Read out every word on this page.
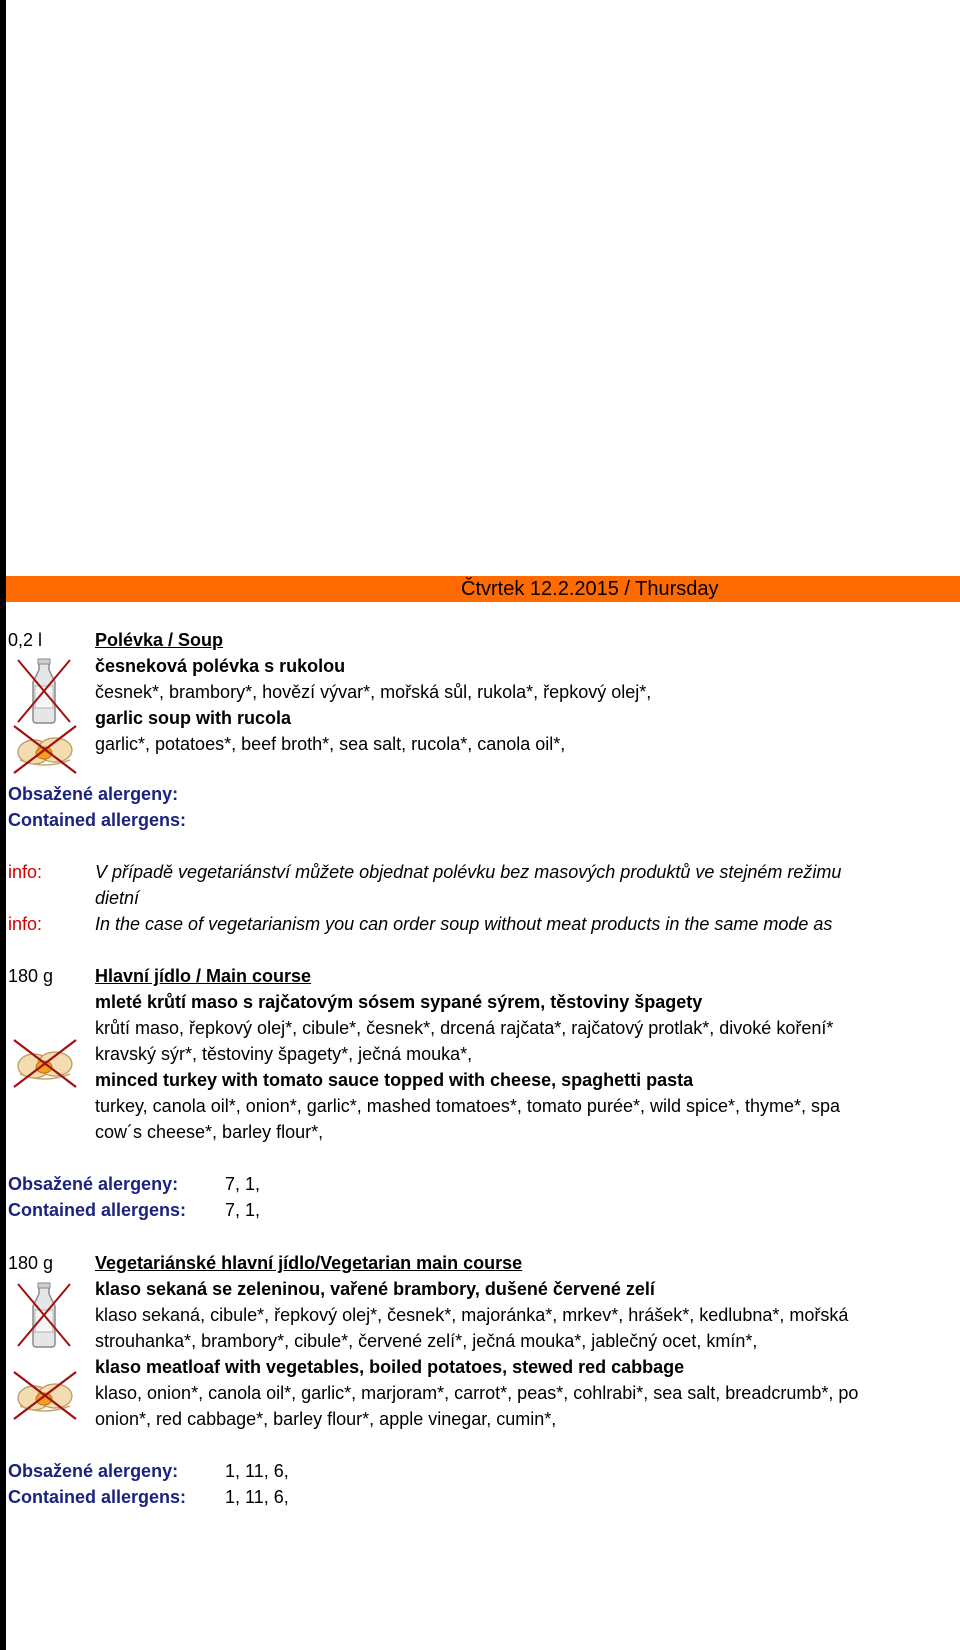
Čtvrtek 12.2.2015 / Thursday
0,2 l	Polévka / Soup
česneková polévka s rukolou
česnek*, brambory*, hovězí vývar*, mořská sůl, rukola*, řepkový olej*,
garlic soup with rucola
garlic*, potatoes*, beef broth*, sea salt, rucola*, canola oil*,
Obsažené alergeny:
Contained allergens:
info:	V případě vegetariánství můžete objednat polévku bez masových produktů ve stejném režimu
dietní
info:	In the case of vegetarianism you can order soup without meat products in the same mode as
180 g Hlavní jídlo / Main course
mleté krůtí maso s rajčatovým sósem sypané sýrem, těstoviny špagety
krůtí maso, řepkový olej*, cibule*, česnek*, drcená rajčata*, rajčatový protlak*, divoké koření*
kravský sýr*, těstoviny špagety*, ječná mouka*,
minced turkey with tomato sauce topped with cheese, spaghetti pasta
turkey, canola oil*, onion*, garlic*, mashed tomatoes*, tomato purée*, wild spice*, thyme*, spa
cow´s cheese*, barley flour*,
Obsažené alergeny:	7, 1,
Contained allergens: 7, 1,
180 g Vegetariánské hlavní jídlo/Vegetarian main course
klaso sekaná se zeleninou, vařené brambory, dušené červené zelí
klaso sekaná, cibule*, řepkový olej*, česnek*, majoránka*, mrkev*, hrášek*, kedlubna*, mořská
strouhanka*, brambory*, cibule*, červené zelí*, ječná mouka*, jablečný ocet, kmín*,
klaso meatloaf with vegetables, boiled potatoes, stewed red cabbage
klaso, onion*, canola oil*, garlic*, marjoram*, carrot*, peas*, cohlrabi*, sea salt, breadcrumb*, po
onion*, red cabbage*, barley flour*, apple vinegar, cumin*,
Obsažené alergeny:	1, 11, 6,
Contained allergens: 1, 11, 6,
